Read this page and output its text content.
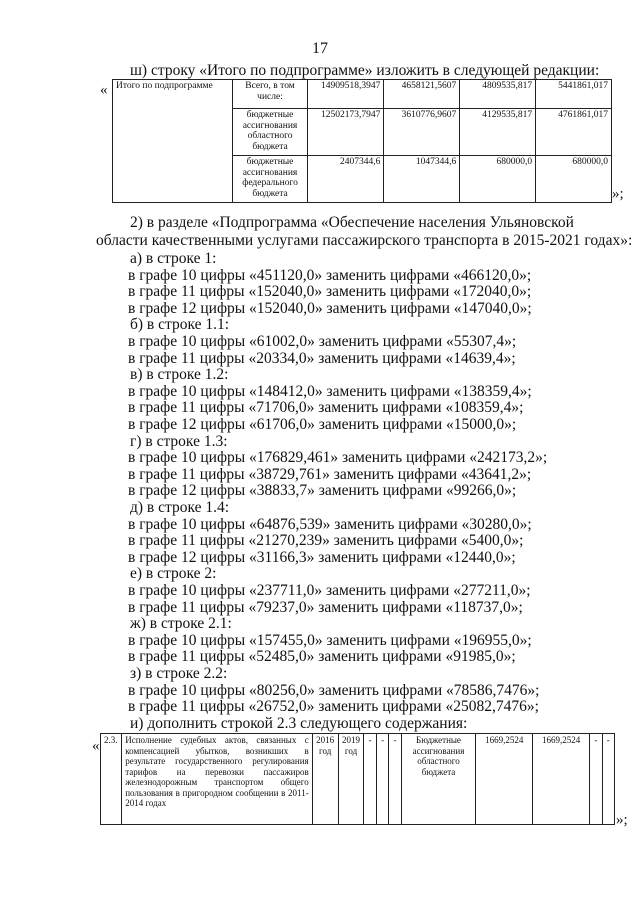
17
ш) строку «Итого по подпрограмме» изложить в следующей редакции:
« Итого по подпрограмме	Всего, в том числе:	14909518,3947	4658121,5607	4809535,817	5441861,017
	бюджетные ассигнования областного бюджета	12502173,7947	3610776,9607	4129535,817	4761861,017
	бюджетные ассигнования федерального бюджета	2407344,6	1047344,6	680000,0	680000,0
»;
2) в разделе «Подпрограмма «Обеспечение населения Ульяновской
области качественными услугами пассажирского транспорта в 2015-2021 годах»:
а) в строке 1:
в графе 10 цифры «451120,0» заменить цифрами «466120,0»;
в графе 11 цифры «152040,0» заменить цифрами «172040,0»;
в графе 12 цифры «152040,0» заменить цифрами «147040,0»;
б) в строке 1.1:
в графе 10 цифры «61002,0» заменить цифрами «55307,4»;
в графе 11 цифры «20334,0» заменить цифрами «14639,4»;
в) в строке 1.2:
в графе 10 цифры «148412,0» заменить цифрами «138359,4»;
в графе 11 цифры «71706,0» заменить цифрами «108359,4»;
в графе 12 цифры «61706,0» заменить цифрами «15000,0»;
г) в строке 1.3:
в графе 10 цифры «176829,461» заменить цифрами «242173,2»;
в графе 11 цифры «38729,761» заменить цифрами «43641,2»;
в графе 12 цифры «38833,7» заменить цифрами «99266,0»;
д) в строке 1.4:
в графе 10 цифры «64876,539» заменить цифрами «30280,0»;
в графе 11 цифры «21270,239» заменить цифрами «5400,0»;
в графе 12 цифры «31166,3» заменить цифрами «12440,0»;
е) в строке 2:
в графе 10 цифры «237711,0» заменить цифрами «277211,0»;
в графе 11 цифры «79237,0» заменить цифрами «118737,0»;
ж) в строке 2.1:
в графе 10 цифры «157455,0» заменить цифрами «196955,0»;
в графе 11 цифры «52485,0» заменить цифрами «91985,0»;
з) в строке 2.2:
в графе 10 цифры «80256,0» заменить цифрами «78586,7476»;
в графе 11 цифры «26752,0» заменить цифрами «25082,7476»;
и) дополнить строкой 2.3 следующего содержания:
« 2.3.	Исполнение судебных актов, связанных с компенсацией убытков, возникших в результате государственного регулирования тарифов на перевозки пассажиров железнодорожным транспортом общего пользования в пригородном сообщении в 2011-2014 годах	2016 год	2019 год	-	-	-	Бюджетные ассигнования областного бюджета	1669,2524	1669,2524	-	-
»;
